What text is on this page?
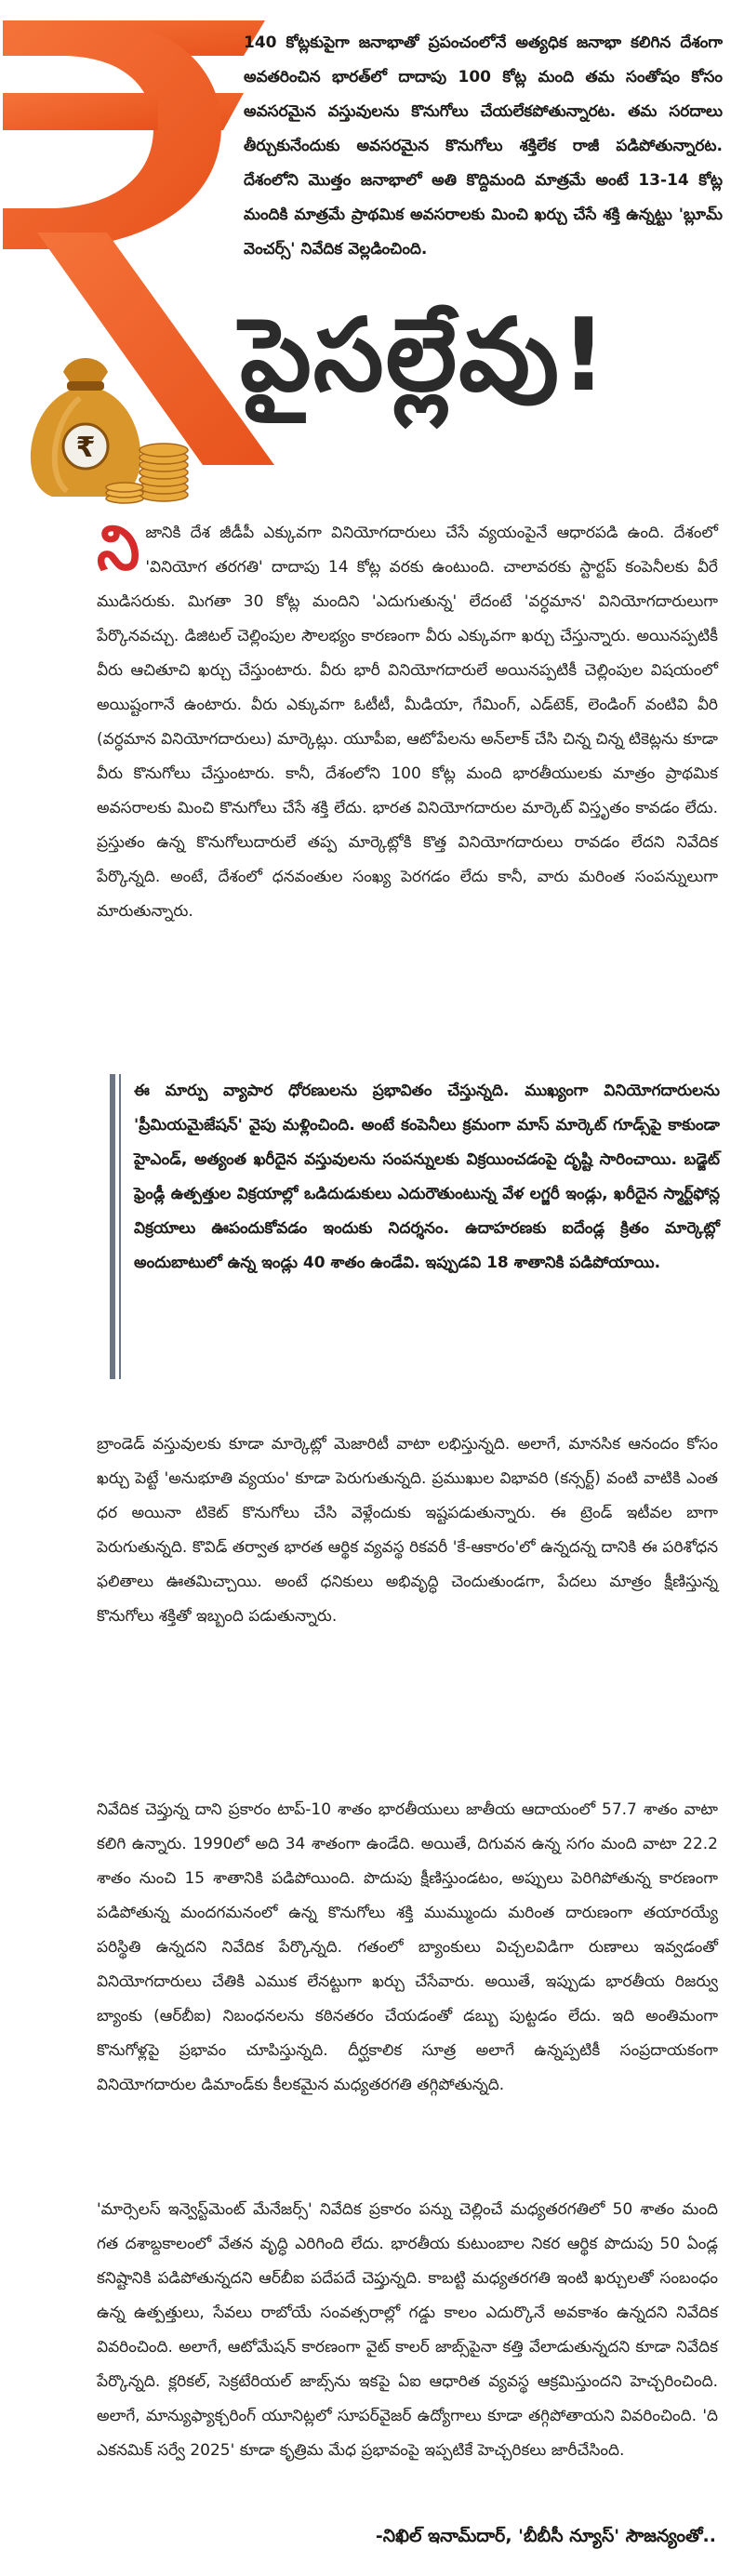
140 కోట్లకుపైగా జనాభాతో ప్రపంచంలోనే అత్యధిక జనాభా కలిగిన దేశంగా అవతరించిన భారత్‌లో దాదాపు 100 కోట్ల మంది తమ సంతోషం కోసం అవసరమైన వస్తువులను కొనుగోలు చేయలేకపోతున్నారట. తమ సరదాలు తీర్చుకునేందుకు అవసరమైన కొనుగోలు శక్తిలేక రాజీ పడిపోతున్నారట. దేశంలోని మొత్తం జనాభాలో అతి కొద్దిమంది మాత్రమే అంటే 13-14 కోట్ల మందికి మాత్రమే ప్రాథమిక అవసరాలకు మించి ఖర్చు చేసే శక్తి ఉన్నట్టు 'బ్లూమ్ వెంచర్స్' నివేదిక వెల్లడించింది.
పైసల్లేవు!
₹
నిజానికి దేశ జీడీపీ ఎక్కువగా వినియోగదారులు చేసే వ్యయంపైనే ఆధారపడి ఉంది. దేశంలో 'వినియోగ తరగతి' దాదాపు 14 కోట్ల వరకు ఉంటుంది. చాలావరకు స్టార్టప్ కంపెనీలకు వీరే ముడిసరుకు. మిగతా 30 కోట్ల మందిని 'ఎదుగుతున్న' లేదంటే 'వర్ధమాన' వినియోగదారులుగా పేర్కొనవచ్చు. డిజిటల్ చెల్లింపుల సౌలభ్యం కారణంగా వీరు ఎక్కువగా ఖర్చు చేస్తున్నారు. అయినప్పటికీ వీరు ఆచితూచి ఖర్చు చేస్తుంటారు. వీరు భారీ వినియోగదారులే అయినప్పటికీ చెల్లింపుల విషయంలో అయిష్టంగానే ఉంటారు. వీరు ఎక్కువగా ఓటీటీ, మీడియా, గేమింగ్, ఎడ్‌టెక్, లెండింగ్ వంటివి వీరి (వర్ధమాన వినియోగదారులు) మార్కెట్లు. యూపీఐ, ఆటోపేలను అన్‌లాక్ చేసి చిన్న చిన్న టికెట్లను కూడా వీరు కొనుగోలు చేస్తుంటారు. కానీ, దేశంలోని 100 కోట్ల మంది భారతీయులకు మాత్రం ప్రాథమిక అవసరాలకు మించి కొనుగోలు చేసే శక్తి లేదు. భారత వినియోగదారుల మార్కెట్ విస్తృతం కావడం లేదు. ప్రస్తుతం ఉన్న కొనుగోలుదారులే తప్ప మార్కెట్లోకి కొత్త వినియోగదారులు రావడం లేదని నివేదిక పేర్కొన్నది. అంటే, దేశంలో ధనవంతుల సంఖ్య పెరగడం లేదు కానీ, వారు మరింత సంపన్నులుగా మారుతున్నారు.
ఈ మార్పు వ్యాపార ధోరణులను ప్రభావితం చేస్తున్నది. ముఖ్యంగా వినియోగదారులను 'ప్రీమియమైజేషన్' వైపు మళ్లించింది. అంటే కంపెనీలు క్రమంగా మాస్ మార్కెట్ గూడ్స్‌పై కాకుండా హైఎండ్, అత్యంత ఖరీదైన వస్తువులను సంపన్నులకు విక్రయించడంపై దృష్టి సారించాయి. బడ్జెట్ ఫ్రెండ్లీ ఉత్పత్తుల విక్రయాల్లో ఒడిదుడుకులు ఎదురౌతుంటున్న వేళ లగ్జరీ ఇండ్లు, ఖరీదైన స్మార్ట్‌ఫోన్ల విక్రయాలు ఊపందుకోవడం ఇందుకు నిదర్శనం. ఉదాహరణకు ఐదేండ్ల క్రితం మార్కెట్లో అందుబాటులో ఉన్న ఇండ్లు 40 శాతం ఉండేవి. ఇప్పుడవి 18 శాతానికి పడిపోయాయి.
బ్రాండెడ్ వస్తువులకు కూడా మార్కెట్లో మెజారిటీ వాటా లభిస్తున్నది. అలాగే, మానసిక ఆనందం కోసం ఖర్చు పెట్టే 'అనుభూతి వ్యయం' కూడా పెరుగుతున్నది. ప్రముఖుల విభావరి (కన్సర్ట్) వంటి వాటికి ఎంత ధర అయినా టికెట్ కొనుగోలు చేసి వెళ్లేందుకు ఇష్టపడుతున్నారు. ఈ ట్రెండ్ ఇటీవల బాగా పెరుగుతున్నది. కొవిడ్ తర్వాత భారత ఆర్థిక వ్యవస్థ రికవరీ 'కే-ఆకారం'లో ఉన్నదన్న దానికి ఈ పరిశోధన ఫలితాలు ఊతమిచ్చాయి. అంటే ధనికులు అభివృద్ధి చెందుతుండగా, పేదలు మాత్రం క్షీణిస్తున్న కొనుగోలు శక్తితో ఇబ్బంది పడుతున్నారు.
నివేదిక చెప్తున్న దాని ప్రకారం టాప్-10 శాతం భారతీయులు జాతీయ ఆదాయంలో 57.7 శాతం వాటా కలిగి ఉన్నారు. 1990లో అది 34 శాతంగా ఉండేది. అయితే, దిగువన ఉన్న సగం మంది వాటా 22.2 శాతం నుంచి 15 శాతానికి పడిపోయింది. పొదుపు క్షీణిస్తుండటం, అప్పులు పెరిగిపోతున్న కారణంగా పడిపోతున్న మందగమనంలో ఉన్న కొనుగోలు శక్తి ముమ్ముందు మరింత దారుణంగా తయారయ్యే పరిస్థితి ఉన్నదని నివేదిక పేర్కొన్నది. గతంలో బ్యాంకులు విచ్చలవిడిగా రుణాలు ఇవ్వడంతో వినియోగదారులు చేతికి ఎముక లేనట్టుగా ఖర్చు చేసేవారు. అయితే, ఇప్పుడు భారతీయ రిజర్వు బ్యాంకు (ఆర్‌బీఐ) నిబంధనలను కఠినతరం చేయడంతో డబ్బు పుట్టడం లేదు. ఇది అంతిమంగా కొనుగోళ్లపై ప్రభావం చూపిస్తున్నది. దీర్ఘకాలిక సూత్ర అలాగే ఉన్నప్పటికీ సంప్రదాయకంగా వినియోగదారుల డిమాండ్‌కు కీలకమైన మధ్యతరగతి తగ్గిపోతున్నది.
'మార్సెలస్ ఇన్వెస్ట్‌మెంట్ మేనేజర్స్' నివేదిక ప్రకారం పన్ను చెల్లించే మధ్యతరగతిలో 50 శాతం మంది గత దశాబ్దకాలంలో వేతన వృద్ధి ఎరిగింది లేదు. భారతీయ కుటుంబాల నికర ఆర్థిక పొదుపు 50 ఏండ్ల కనిష్టానికి పడిపోతున్నదని ఆర్‌బీఐ పదేపదే చెప్తున్నది. కాబట్టి మధ్యతరగతి ఇంటి ఖర్చులతో సంబంధం ఉన్న ఉత్పత్తులు, సేవలు రాబోయే సంవత్సరాల్లో గడ్డు కాలం ఎదుర్కొనే అవకాశం ఉన్నదని నివేదిక వివరించింది. అలాగే, ఆటోమేషన్ కారణంగా వైట్ కాలర్ జాబ్స్‌పైనా కత్తి వేలాడుతున్నదని కూడా నివేదిక పేర్కొన్నది. క్లరికల్, సెక్రటేరియల్ జాబ్స్‌ను ఇకపై ఏఐ ఆధారిత వ్యవస్థ ఆక్రమిస్తుందని హెచ్చరించింది. అలాగే, మాన్యుఫ్యాక్చరింగ్ యూనిట్లలో సూపర్‌వైజర్ ఉద్యోగాలు కూడా తగ్గిపోతాయని వివరించింది. 'ది ఎకనమిక్ సర్వే 2025' కూడా కృత్రిమ మేధ ప్రభావంపై ఇప్పటికే హెచ్చరికలు జారీచేసింది.
-నిఖిల్ ఇనామ్‌దార్, 'బీబీసీ న్యూస్' సౌజన్యంతో..
